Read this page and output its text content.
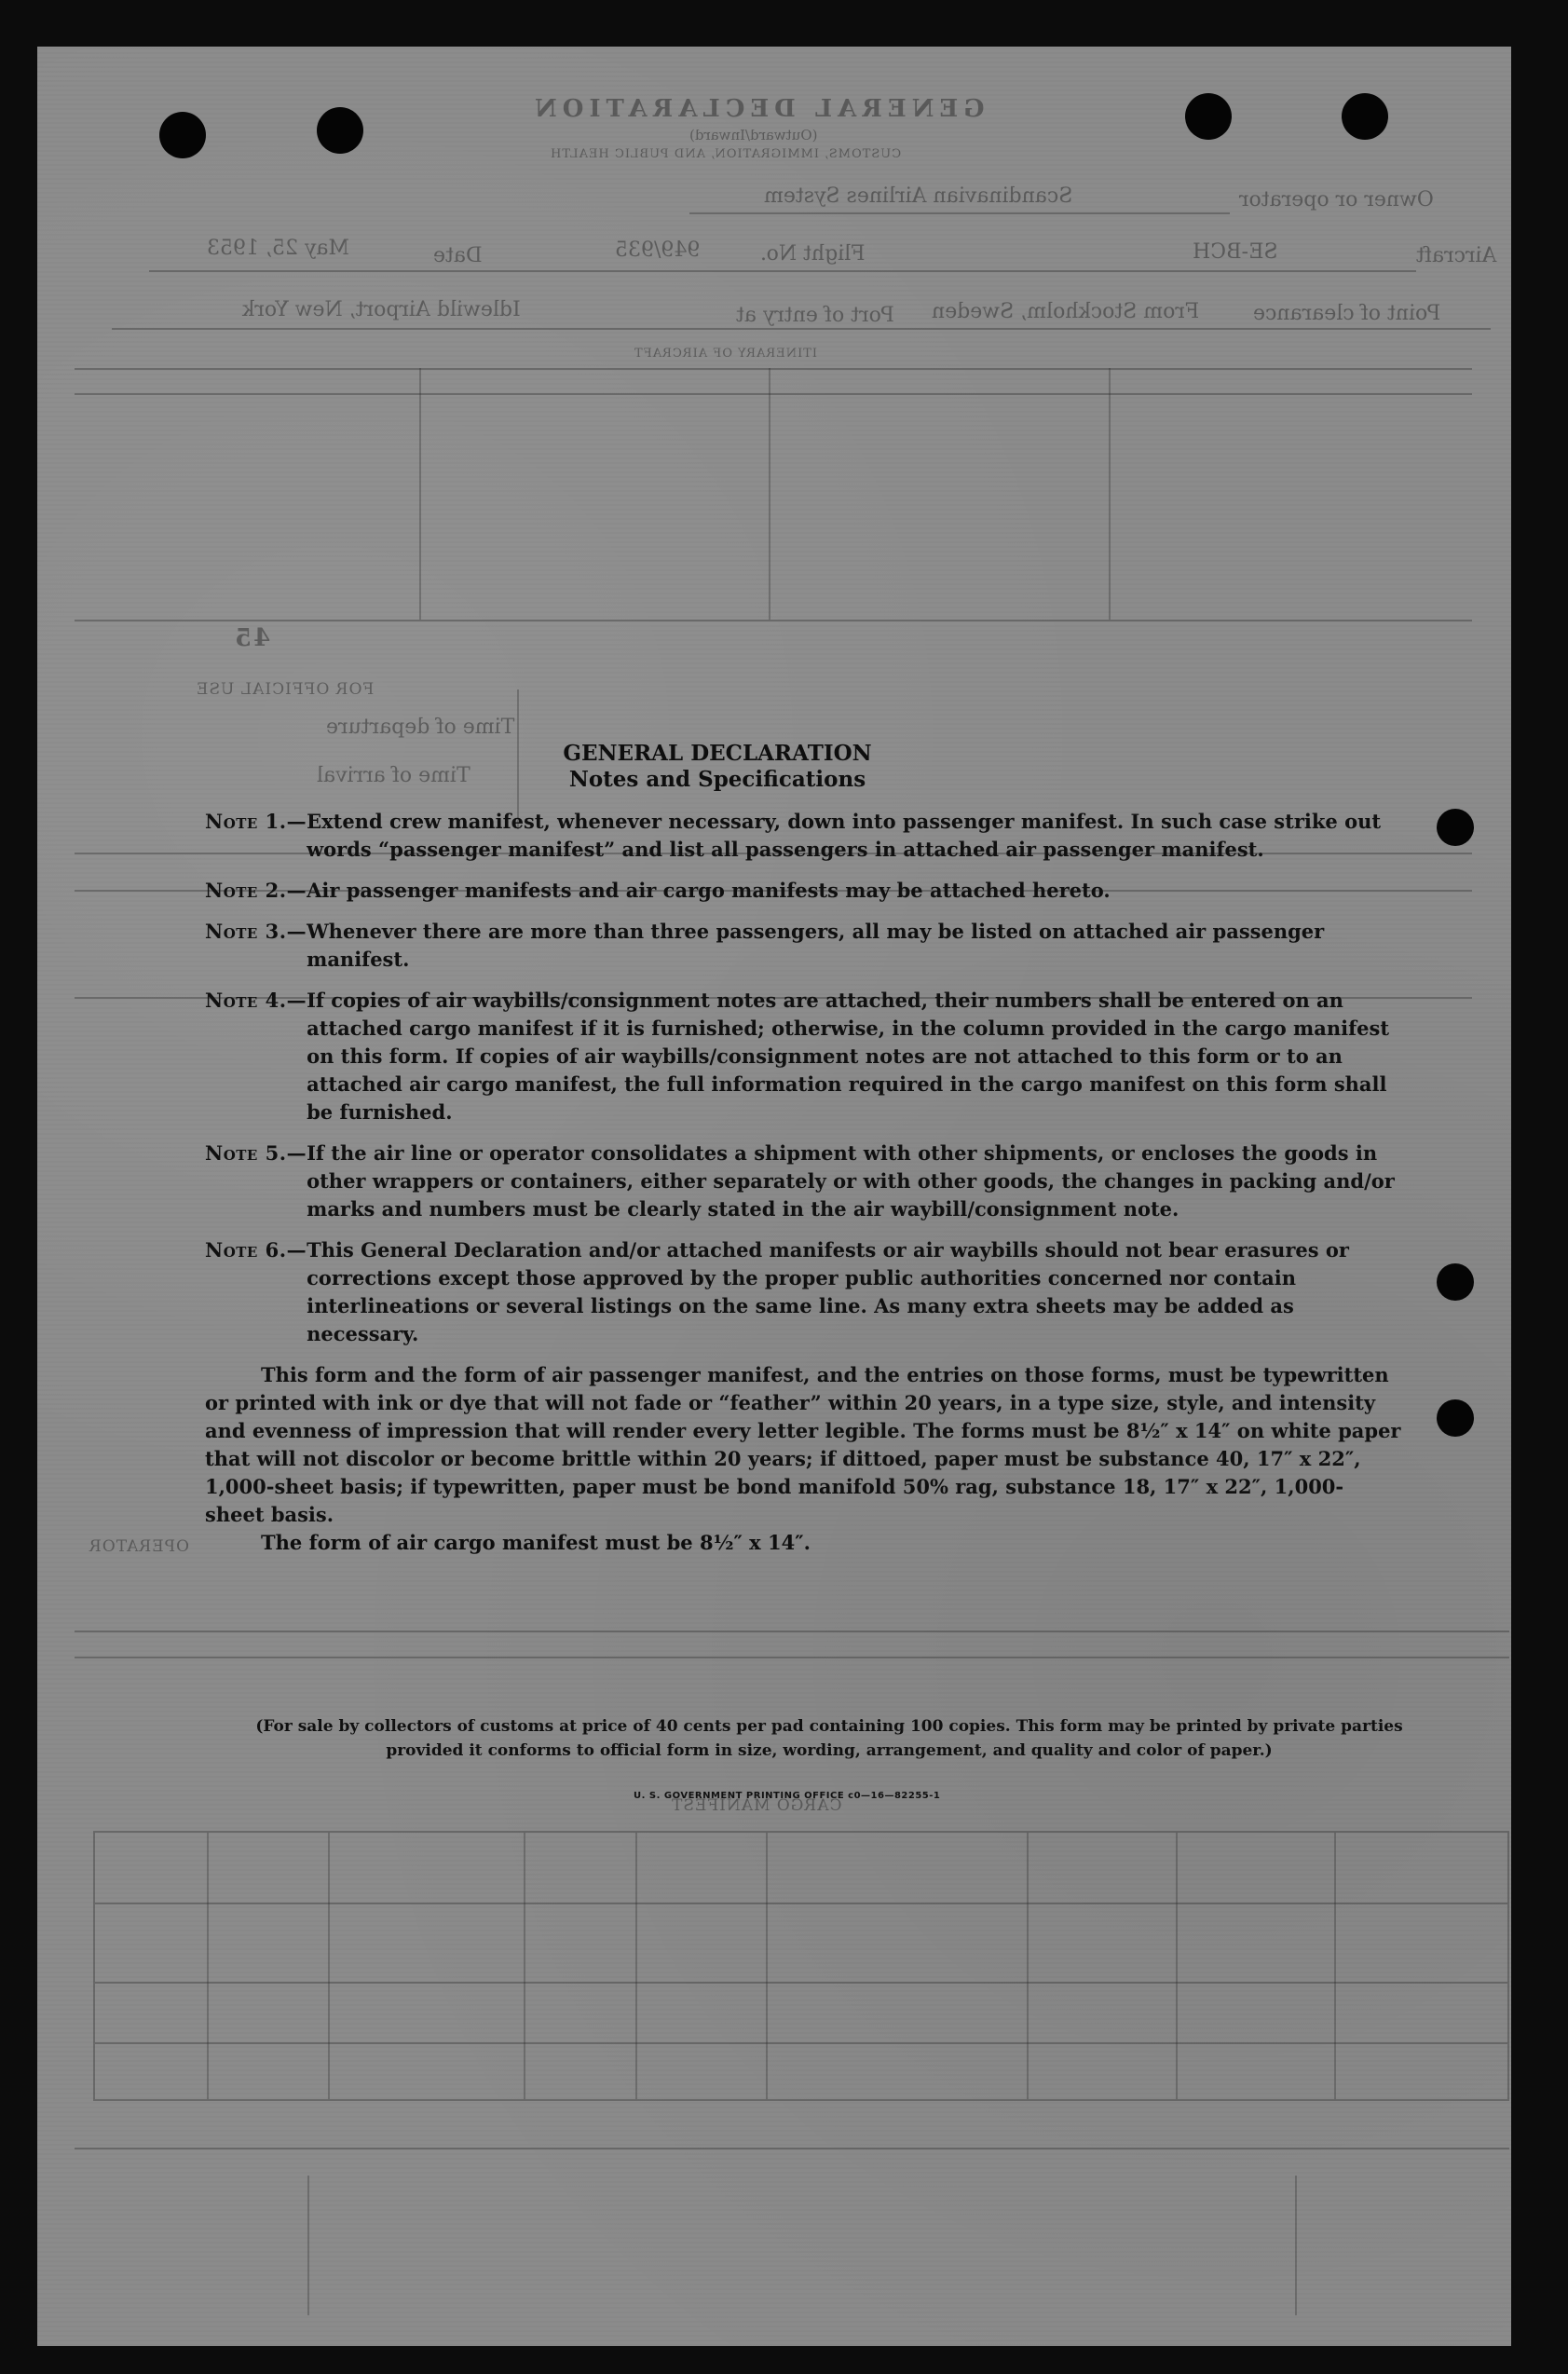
GENERAL DECLARATION
(Outward/Inward)
CUSTOMS, IMMIGRATION, AND PUBLIC HEALTH
Owner or operator
Scandinavian Airlines System
Aircraft
SE-BCH
Flight No.
949/935
Date
May 25, 1953
Point of clearance
From Stockholm, Sweden
Port of entry at
Idlewild Airport, New York
ITINERARY OF AIRCRAFT
45
FOR OFFICIAL USE
Time of departure
Time of arrival
OPERATOR
CARGO MANIFEST
GENERAL DECLARATION
Notes and Specifications
Note 1.— Extend crew manifest, whenever necessary, down into passenger manifest. In such case strike out words “passenger manifest” and list all passengers in attached air passenger manifest.
Note 2.— Air passenger manifests and air cargo manifests may be attached hereto.
Note 3.— Whenever there are more than three passengers, all may be listed on attached air passenger manifest.
Note 4.— If copies of air waybills/consignment notes are attached, their numbers shall be entered on an attached cargo manifest if it is furnished; otherwise, in the column provided in the cargo manifest on this form. If copies of air waybills/consignment notes are not attached to this form or to an attached air cargo manifest, the full information required in the cargo manifest on this form shall be furnished.
Note 5.— If the air line or operator consolidates a shipment with other shipments, or encloses the goods in other wrappers or containers, either separately or with other goods, the changes in packing and/or marks and numbers must be clearly stated in the air waybill/consignment note.
Note 6.— This General Declaration and/or attached manifests or air waybills should not bear erasures or corrections except those approved by the proper public authorities concerned nor contain interlineations or several listings on the same line. As many extra sheets may be added as necessary.
This form and the form of air passenger manifest, and the entries on those forms, must be typewritten or printed with ink or dye that will not fade or “feather” within 20 years, in a type size, style, and intensity and evenness of impression that will render every letter legible. The forms must be 8½″ x 14″ on white paper that will not discolor or become brittle within 20 years; if dittoed, paper must be substance 40, 17″ x 22″, 1,000-sheet basis; if typewritten, paper must be bond manifold 50% rag, substance 18, 17″ x 22″, 1,000-sheet basis.
The form of air cargo manifest must be 8½″ x 14″.
(For sale by collectors of customs at price of 40 cents per pad containing 100 copies. This form may be printed by private parties provided it conforms to official form in size, wording, arrangement, and quality and color of paper.)
U. S. GOVERNMENT PRINTING OFFICE c0—16—82255-1
